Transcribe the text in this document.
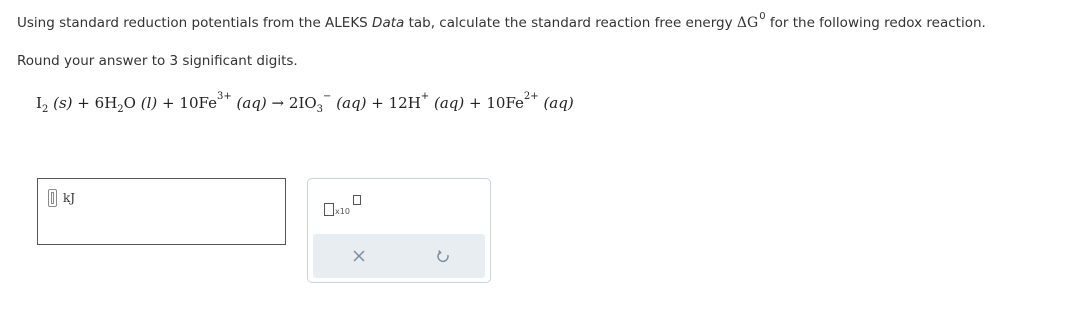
Using standard reduction potentials from the ALEKS Data tab, calculate the standard reaction free energy $\Delta G^0$ for the following redox reaction.
Round your answer to 3 significant digits.
$I_2$ $(s) + 6H_2O$ $(l) + 10Fe^{3+}$ $(aq) \to 2IO_3^-$ (aq) + 12H+ $(aq) + 10Fe^{2+}$ (aq)
kJ
x10
